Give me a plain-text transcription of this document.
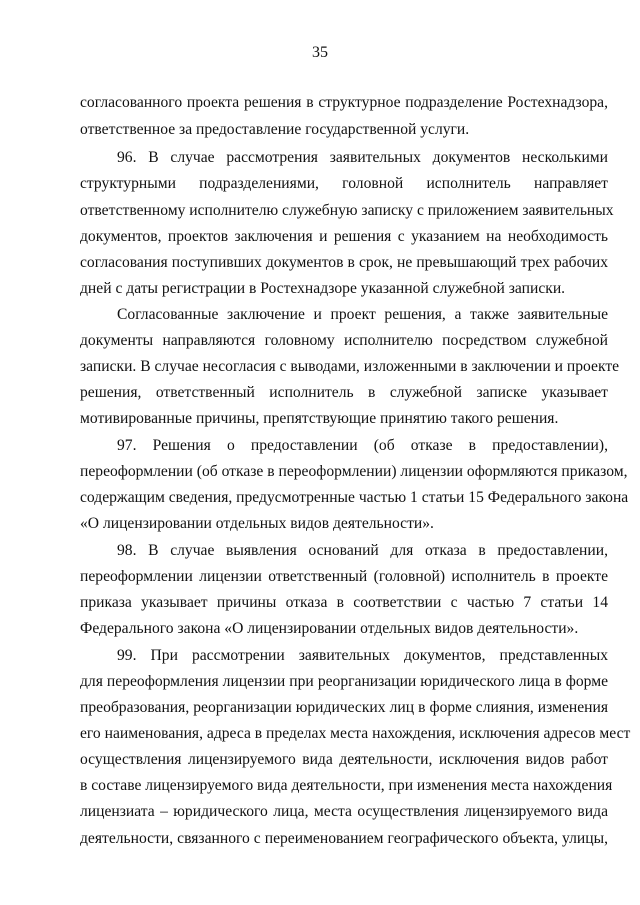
35
согласованного проекта решения в структурное подразделение Ростехнадзора,
ответственное за предоставление государственной услуги.
96. В случае рассмотрения заявительных документов несколькими
структурными подразделениями, головной исполнитель направляет
ответственному исполнителю служебную записку с приложением заявительных
документов, проектов заключения и решения с указанием на необходимость
согласования поступивших документов в срок, не превышающий трех рабочих
дней с даты регистрации в Ростехнадзоре указанной служебной записки.
Согласованные заключение и проект решения, а также заявительные
документы направляются головному исполнителю посредством служебной
записки. В случае несогласия с выводами, изложенными в заключении и проекте
решения, ответственный исполнитель в служебной записке указывает
мотивированные причины, препятствующие принятию такого решения.
97. Решения о предоставлении (об отказе в предоставлении),
переоформлении (об отказе в переоформлении) лицензии оформляются приказом,
содержащим сведения, предусмотренные частью 1 статьи 15 Федерального закона
«О лицензировании отдельных видов деятельности».
98. В случае выявления оснований для отказа в предоставлении,
переоформлении лицензии ответственный (головной) исполнитель в проекте
приказа указывает причины отказа в соответствии с частью 7 статьи 14
Федерального закона «О лицензировании отдельных видов деятельности».
99. При рассмотрении заявительных документов, представленных
для переоформления лицензии при реорганизации юридического лица в форме
преобразования, реорганизации юридических лиц в форме слияния, изменения
его наименования, адреса в пределах места нахождения, исключения адресов мест
осуществления лицензируемого вида деятельности, исключения видов работ
в составе лицензируемого вида деятельности, при изменения места нахождения
лицензиата – юридического лица, места осуществления лицензируемого вида
деятельности, связанного с переименованием географического объекта, улицы,
